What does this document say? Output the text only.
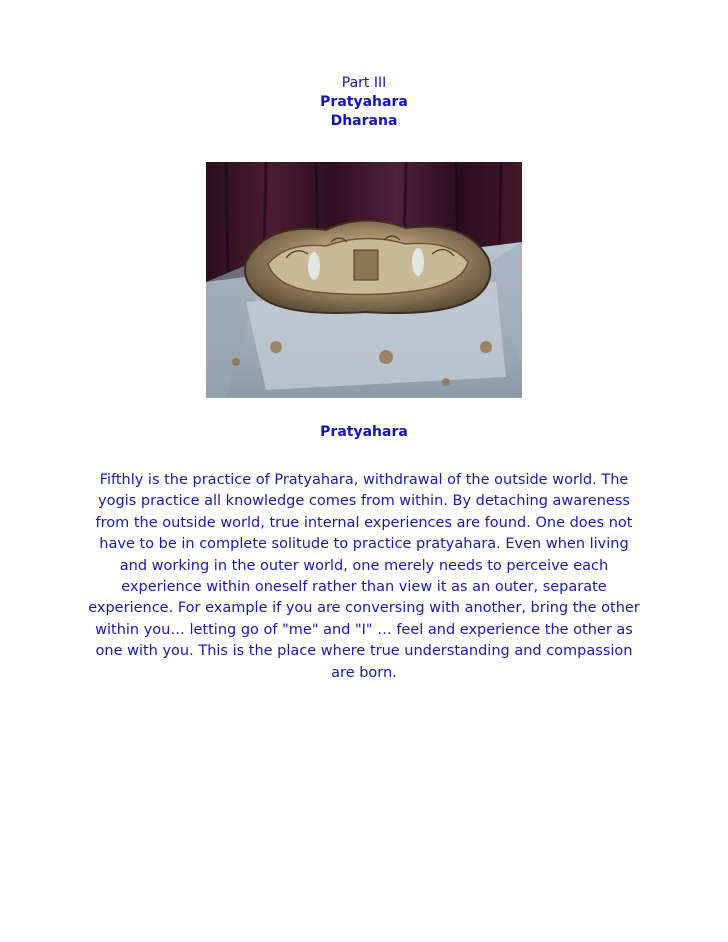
Part III
Pratyahara
Dharana
Pratyahara

Fifthly is the practice of Pratyahara, withdrawal of the outside world. The yogis practice all knowledge comes from within. By detaching awareness from the outside world, true internal experiences are found. One does not have to be in complete solitude to practice pratyahara. Even when living and working in the outer world, one merely needs to perceive each experience within oneself rather than view it as an outer, separate experience. For example if you are conversing with another, bring the other within you… letting go of "me" and "I" … feel and experience the other as one with you. This is the place where true understanding and compassion are born.
